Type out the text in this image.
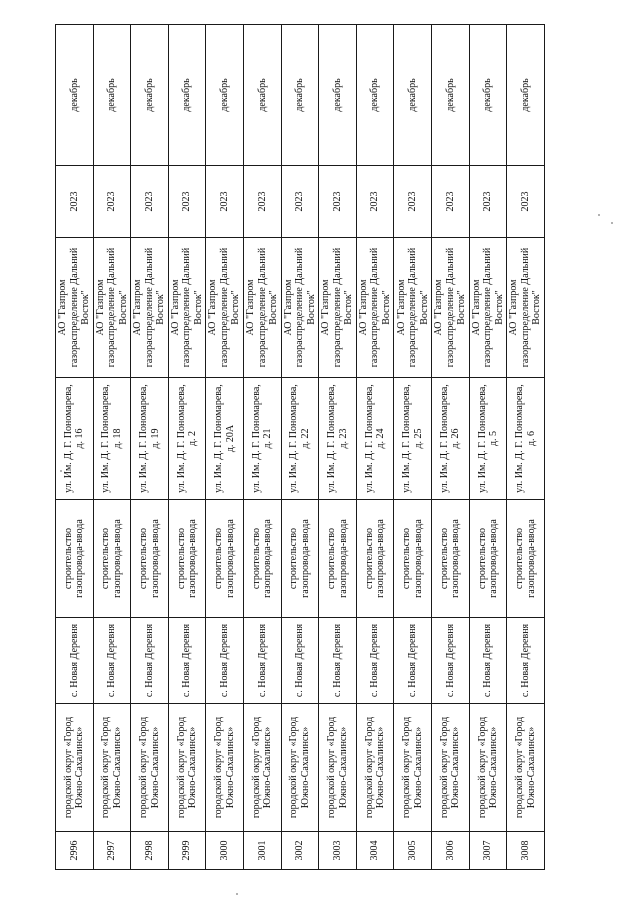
2996	городской округ «Город Южно-Сахалинск»	с. Новая Деревня	строительство газопровода-ввода	ул. Им. Д. Г. Пономарева, д. 16	АО "Газпром газораспределение Дальний Восток"	2023	декабрь
2997	городской округ «Город Южно-Сахалинск»	с. Новая Деревня	строительство газопровода-ввода	ул. Им. Д. Г. Пономарева, д. 18	АО "Газпром газораспределение Дальний Восток"	2023	декабрь
2998	городской округ «Город Южно-Сахалинск»	с. Новая Деревня	строительство газопровода-ввода	ул. Им. Д. Г. Пономарева, д. 19	АО "Газпром газораспределение Дальний Восток"	2023	декабрь
2999	городской округ «Город Южно-Сахалинск»	с. Новая Деревня	строительство газопровода-ввода	ул. Им. Д. Г. Пономарева, д. 2	АО "Газпром газораспределение Дальний Восток"	2023	декабрь
3000	городской округ «Город Южно-Сахалинск»	с. Новая Деревня	строительство газопровода-ввода	ул. Им. Д. Г. Пономарева, д. 20А	АО "Газпром газораспределение Дальний Восток"	2023	декабрь
3001	городской округ «Город Южно-Сахалинск»	с. Новая Деревня	строительство газопровода-ввода	ул. Им. Д. Г. Пономарева, д. 21	АО "Газпром газораспределение Дальний Восток"	2023	декабрь
3002	городской округ «Город Южно-Сахалинск»	с. Новая Деревня	строительство газопровода-ввода	ул. Им. Д. Г. Пономарева, д. 22	АО "Газпром газораспределение Дальний Восток"	2023	декабрь
3003	городской округ «Город Южно-Сахалинск»	с. Новая Деревня	строительство газопровода-ввода	ул. Им. Д. Г. Пономарева, д. 23	АО "Газпром газораспределение Дальний Восток"	2023	декабрь
3004	городской округ «Город Южно-Сахалинск»	с. Новая Деревня	строительство газопровода-ввода	ул. Им. Д. Г. Пономарева, д. 24	АО "Газпром газораспределение Дальний Восток"	2023	декабрь
3005	городской округ «Город Южно-Сахалинск»	с. Новая Деревня	строительство газопровода-ввода	ул. Им. Д. Г. Пономарева, д. 25	АО "Газпром газораспределение Дальний Восток"	2023	декабрь
3006	городской округ «Город Южно-Сахалинск»	с. Новая Деревня	строительство газопровода-ввода	ул. Им. Д. Г. Пономарева, д. 26	АО "Газпром газораспределение Дальний Восток"	2023	декабрь
3007	городской округ «Город Южно-Сахалинск»	с. Новая Деревня	строительство газопровода-ввода	ул. Им. Д. Г. Пономарева, д. 5	АО "Газпром газораспределение Дальний Восток"	2023	декабрь
3008	городской округ «Город Южно-Сахалинск»	с. Новая Деревня	строительство газопровода-ввода	ул. Им. Д. Г. Пономарева, д. 6	АО "Газпром газораспределение Дальний Восток"	2023	декабрь
